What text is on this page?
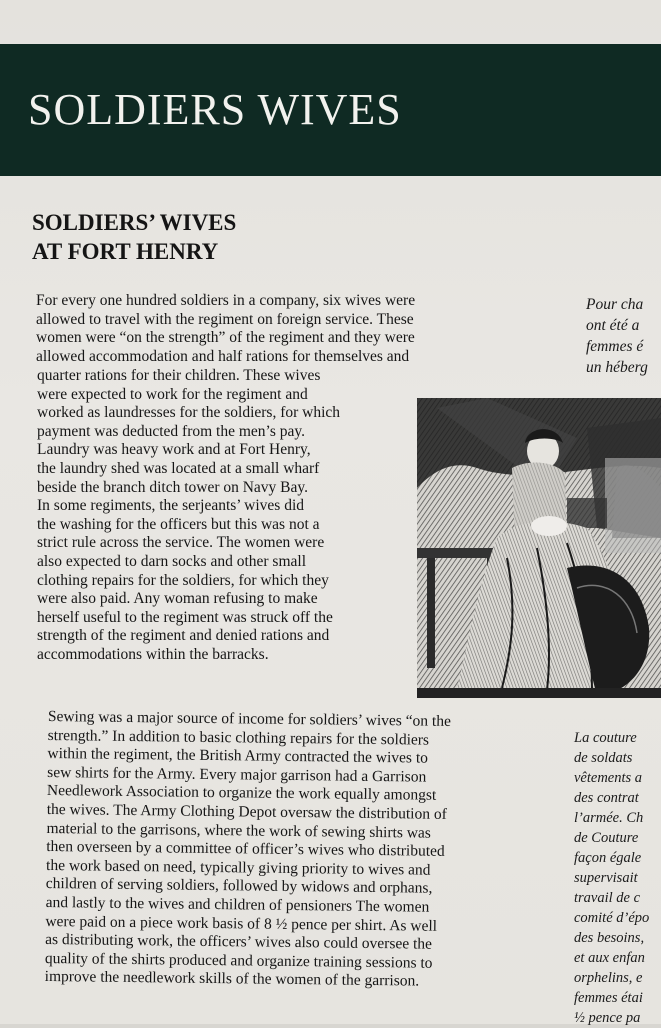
SOLDIERS WIVES
SOLDIERS’ WIVES
AT FORT HENRY
For every one hundred soldiers in a company, six wives were
allowed to travel with the regiment on foreign service. These
women were “on the strength” of the regiment and they were
allowed accommodation and half rations for themselves and
quarter rations for their children. These wives
were expected to work for the regiment and
worked as laundresses for the soldiers, for which
payment was deducted from the men’s pay.
Laundry was heavy work and at Fort Henry,
the laundry shed was located at a small wharf
beside the branch ditch tower on Navy Bay.
In some regiments, the serjeants’ wives did
the washing for the officers but this was not a
strict rule across the service. The women were
also expected to darn socks and other small
clothing repairs for the soldiers, for which they
were also paid. Any woman refusing to make
herself useful to the regiment was struck off the
strength of the regiment and denied rations and
accommodations within the barracks.
Sewing was a major source of income for soldiers’ wives “on the
strength.” In addition to basic clothing repairs for the soldiers
within the regiment, the British Army contracted the wives to
sew shirts for the Army. Every major garrison had a Garrison
Needlework Association to organize the work equally amongst
the wives. The Army Clothing Depot oversaw the distribution of
material to the garrisons, where the work of sewing shirts was
then overseen by a committee of officer’s wives who distributed
the work based on need, typically giving priority to wives and
children of serving soldiers, followed by widows and orphans,
and lastly to the wives and children of pensioners The women
were paid on a piece work basis of 8 ½ pence per shirt. As well
as distributing work, the officers’ wives also could oversee the
quality of the shirts produced and organize training sessions to
improve the needlework skills of the women of the garrison.
Pour cha
ont été a
femmes é
un héberg
La couture
de soldats
vêtements a
des contrat
l’armée. Ch
de Couture
façon égale
supervisait
travail de c
comité d’épo
des besoins,
et aux enfan
orphelins, e
femmes étai
½ pence pa
